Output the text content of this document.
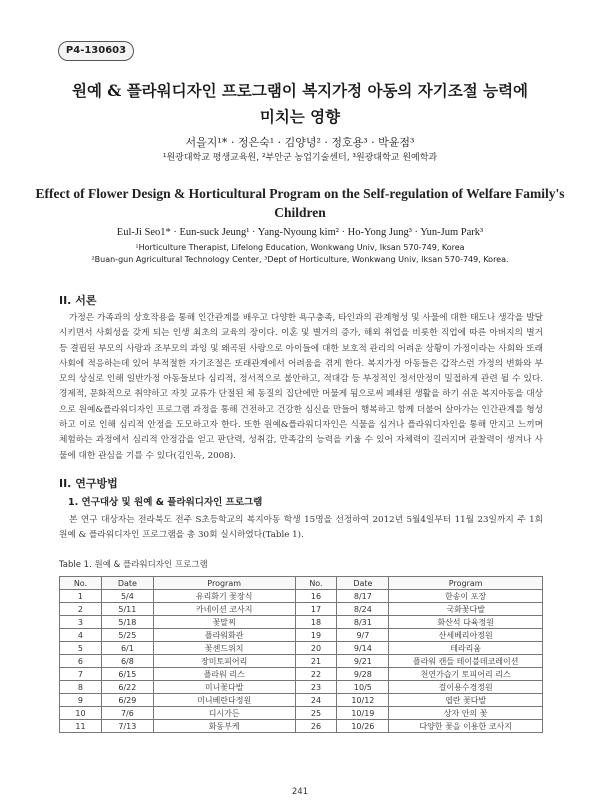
P4-130603
원예 & 플라워디자인 프로그램이 복지가정 아동의 자기조절 능력에
미치는 영향
서을지¹* · 정은숙¹ · 김양녕² · 정호용³ · 박윤점³
¹원광대학교 평생교육원, ²부안군 농업기술센터, ³원광대학교 원예학과
Effect of Flower Design & Horticultural Program on the Self-regulation of Welfare Family's
Children
Eul-Ji Seo1* · Eun-suck Jeung¹ · Yang-Nyoung kim² · Ho-Yong Jung³ · Yun-Jum Park³
¹Horticulture Therapist, Lifelong Education, Wonkwang Univ, Iksan 570-749, Korea
²Buan-gun Agricultural Technology Center, ³Dept of Horticulture, Wonkwang Univ, Iksan 570-749, Korea.
II. 서론
가정은 가족과의 상호작용을 통해 인간관계를 배우고 다양한 욕구충족, 타인과의 관계형성 및 사물에 대한 태도나 생각을 발달시키면서 사회성을 갖게 되는 인생 최초의 교육의 장이다. 이혼 및 별거의 증가, 해외 취업을 비롯한 직업에 따른 아버지의 별거 등 결핍된 부모의 사랑과 조부모의 과잉 및 왜곡된 사랑으로 아이들에 대한 보호적 관리의 어려운 상황이 가정이라는 사회와 또래사회에 적응하는데 있어 부적절한 자기조절은 또래관계에서 어려움을 겪게 한다. 복지가정 아동들은 갑작스런 가정의 변화와 부모의 상실로 인해 일반가정 아동들보다 심리적, 정서적으로 불안하고, 적대감 등 부정적인 정서만정이 밀접하게 관련 될 수 있다. 경제적, 문화적으로 취약하고 자칫 교류가 단절된 체 동질의 집단에만 머물게 됨으로써 폐쇄된 생활을 하기 쉬운 복지아동을 대상으로 원예&플라워디자인 프로그램 과정을 통해 건전하고 건강한 심신을 만들어 행복하고 함께 더불어 살아가는 인간관계를 형성하고 이로 인해 심리적 안정을 도모하고자 한다. 또한 원예&플라워디자인은 식물을 심거나 플라워디자인을 통해 만지고 느끼며 체험하는 과정에서 심리적 안정감을 얻고 판단력, 성취감, 만족감의 능력을 키울 수 있어 자체력이 길러지며 관찰력이 생겨나 사물에 대한 관심을 기를 수 있다(김인옥, 2008).
II. 연구방법
1. 연구대상 및 원예 & 플라워디자인 프로그램
본 연구 대상자는 전라북도 전주 S초등학교의 복지아동 학생 15명을 선정하여 2012년 5월4일부터 11월 23일까지 주 1회 원예 & 플라워디자인 프로그램을 총 30회 실시하였다(Table 1).
Table 1. 원예 & 플라워디자인 프로그램
No.	Date	Program	No.	Date	Program
1	5/4	유리화기 꽃장식	16	8/17	한송이 포장
2	5/11	카네이션 코사지	17	8/24	국화꽃다발
3	5/18	꽃말찌	18	8/31	화산석 다육정원
4	5/25	플라워화관	19	9/7	산세베리아정원
5	6/1	꽃센드위치	20	9/14	테라리움
6	6/8	장미토피어리	21	9/21	플라워 캔들 테이블데코레이션
7	6/15	플라워 리스	22	9/28	천연가습기 토피어리 리스
8	6/22	미니꽃다발	23	10/5	걸이용수경정원
9	6/29	미니베란다정원	24	10/12	엽란 꽃다발
10	7/6	디시가든	25	10/19	상자 안의 꽃
11	7/13	화동부케	26	10/26	다양한 꽃을 이용한 코사지
241
